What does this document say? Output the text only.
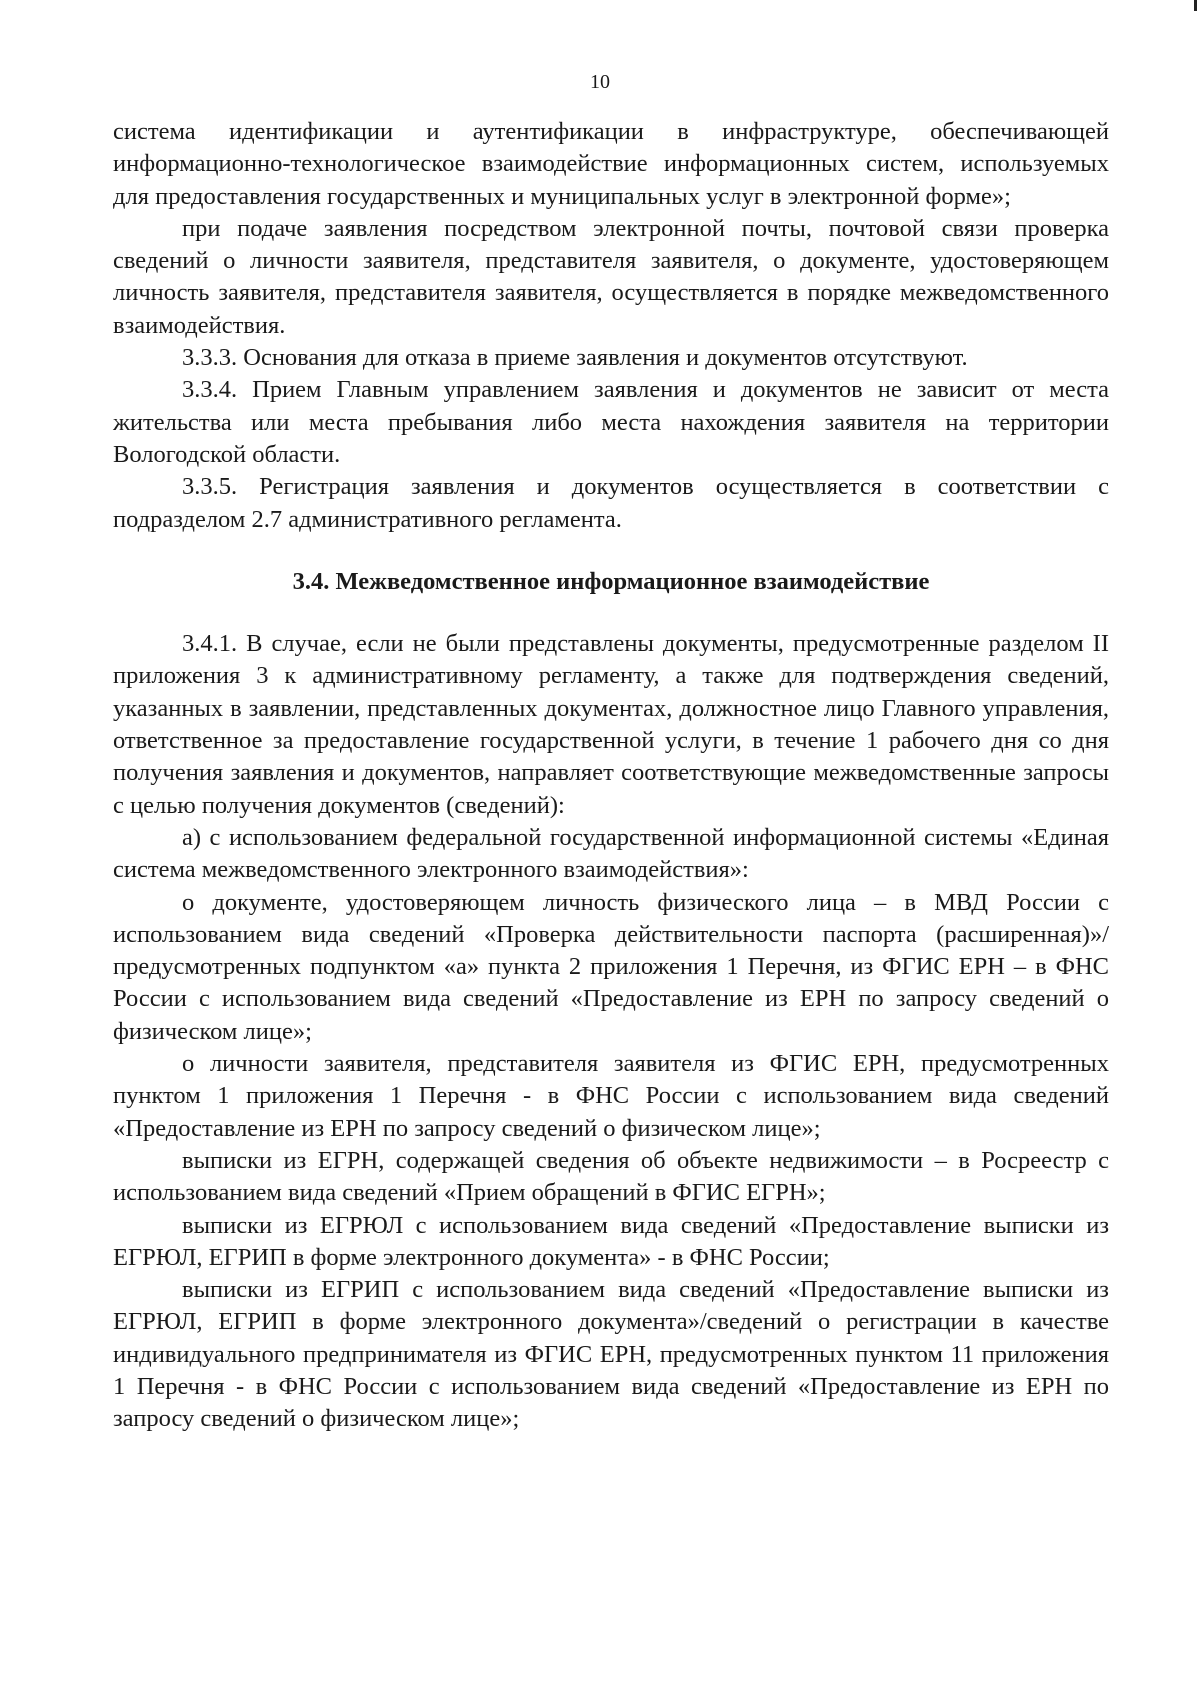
10

система идентификации и аутентификации в инфраструктуре, обеспечивающей информационно-технологическое взаимодействие информационных систем, используемых для предоставления государственных и муниципальных услуг в электронной форме»;

при подаче заявления посредством электронной почты, почтовой связи проверка сведений о личности заявителя, представителя заявителя, о документе, удостоверяющем личность заявителя, представителя заявителя, осуществляется в порядке межведомственного взаимодействия.

3.3.3. Основания для отказа в приеме заявления и документов отсутствуют.

3.3.4. Прием Главным управлением заявления и документов не зависит от места жительства или места пребывания либо места нахождения заявителя на территории Вологодской области.

3.3.5. Регистрация заявления и документов осуществляется в соответствии с подразделом 2.7 административного регламента.

3.4. Межведомственное информационное взаимодействие

3.4.1. В случае, если не были представлены документы, предусмотренные разделом II приложения 3 к административному регламенту, а также для подтверждения сведений, указанных в заявлении, представленных документах, должностное лицо Главного управления, ответственное за предоставление государственной услуги, в течение 1 рабочего дня со дня получения заявления и документов, направляет соответствующие межведомственные запросы с целью получения документов (сведений):

а) с использованием федеральной государственной информационной системы «Единая система межведомственного электронного взаимодействия»:

о документе, удостоверяющем личность физического лица – в МВД России с использованием вида сведений «Проверка действительности паспорта (расширенная)»/предусмотренных подпунктом «а» пункта 2 приложения 1 Перечня, из ФГИС ЕРН – в ФНС России с использованием вида сведений «Предоставление из ЕРН по запросу сведений о физическом лице»;

о личности заявителя, представителя заявителя из ФГИС ЕРН, предусмотренных пунктом 1 приложения 1 Перечня - в ФНС России с использованием вида сведений «Предоставление из ЕРН по запросу сведений о физическом лице»;

выписки из ЕГРН, содержащей сведения об объекте недвижимости – в Росреестр с использованием вида сведений «Прием обращений в ФГИС ЕГРН»;

выписки из ЕГРЮЛ с использованием вида сведений «Предоставление выписки из ЕГРЮЛ, ЕГРИП в форме электронного документа» - в ФНС России;

выписки из ЕГРИП с использованием вида сведений «Предоставление выписки из ЕГРЮЛ, ЕГРИП в форме электронного документа»/сведений о регистрации в качестве индивидуального предпринимателя из ФГИС ЕРН, предусмотренных пунктом 11 приложения 1 Перечня - в ФНС России с использованием вида сведений «Предоставление из ЕРН по запросу сведений о физическом лице»;
